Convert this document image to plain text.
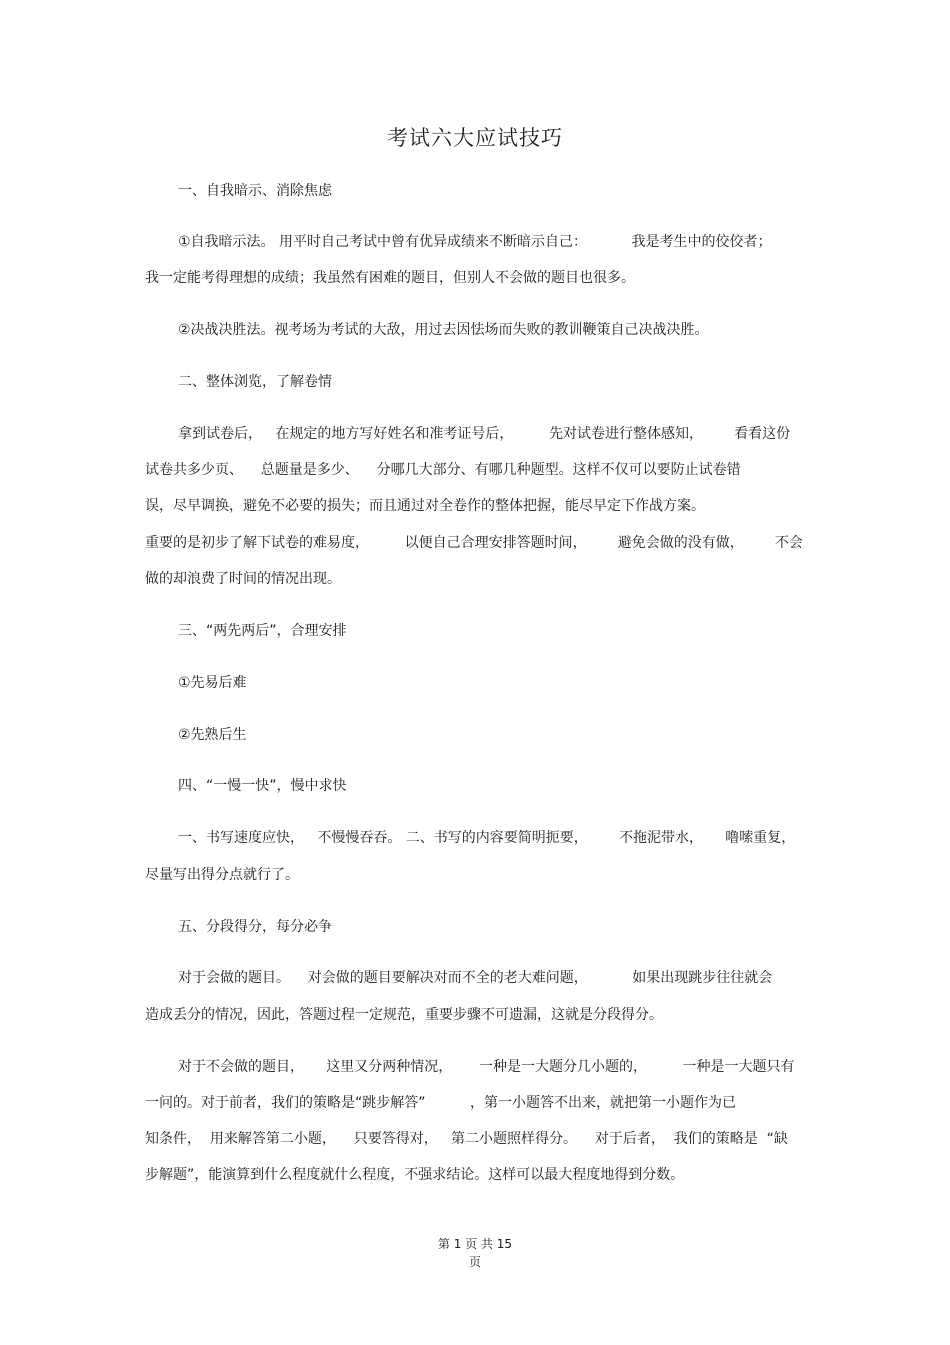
考试六大应试技巧
一、自我暗示、消除焦虑
①自我暗示法。 用平时自己考试中曾有优异成绩来不断暗示自己：          我是考生中的佼佼者；
我一定能考得理想的成绩；我虽然有困难的题目，但别人不会做的题目也很多。
②决战决胜法。视考场为考试的大敌，用过去因怯场而失败的教训鞭策自己决战决胜。
二、整体浏览，了解卷情
拿到试卷后，   在规定的地方写好姓名和准考证号后，        先对试卷进行整体感知，       看看这份
试卷共多少页、    总题量是多少、    分哪几大部分、有哪几种题型。这样不仅可以要防止试卷错
误，尽早调换，避免不必要的损失；而且通过对全卷作的整体把握，能尽早定下作战方案。
重要的是初步了解下试卷的难易度，        以便自己合理安排答题时间，       避免会做的没有做，       不会
做的却浪费了时间的情况出现。
三、“两先两后”，合理安排
①先易后难
②先熟后生
四、“一慢一快”，慢中求快
一、书写速度应快，   不慢慢吞吞。 二、书写的内容要简明扼要，       不拖泥带水，     噜嗦重复，
尽量写出得分点就行了。
五、分段得分，每分必争
对于会做的题目。    对会做的题目要解决对而不全的老大难问题，          如果出现跳步往往就会
造成丢分的情况，因此，答题过程一定规范，重要步骤不可遗漏，这就是分段得分。
对于不会做的题目，     这里又分两种情况，      一种是一大题分几小题的，        一种是一大题只有
一问的。对于前者，我们的策略是“跳步解答”          ，第一小题答不出来，就把第一小题作为已
知条件，  用来解答第二小题，    只要答得对，   第二小题照样得分。    对于后者，  我们的策略是  “缺
步解题”，能演算到什么程度就什么程度，不强求结论。这样可以最大程度地得到分数。
第 1 页 共 15
页
